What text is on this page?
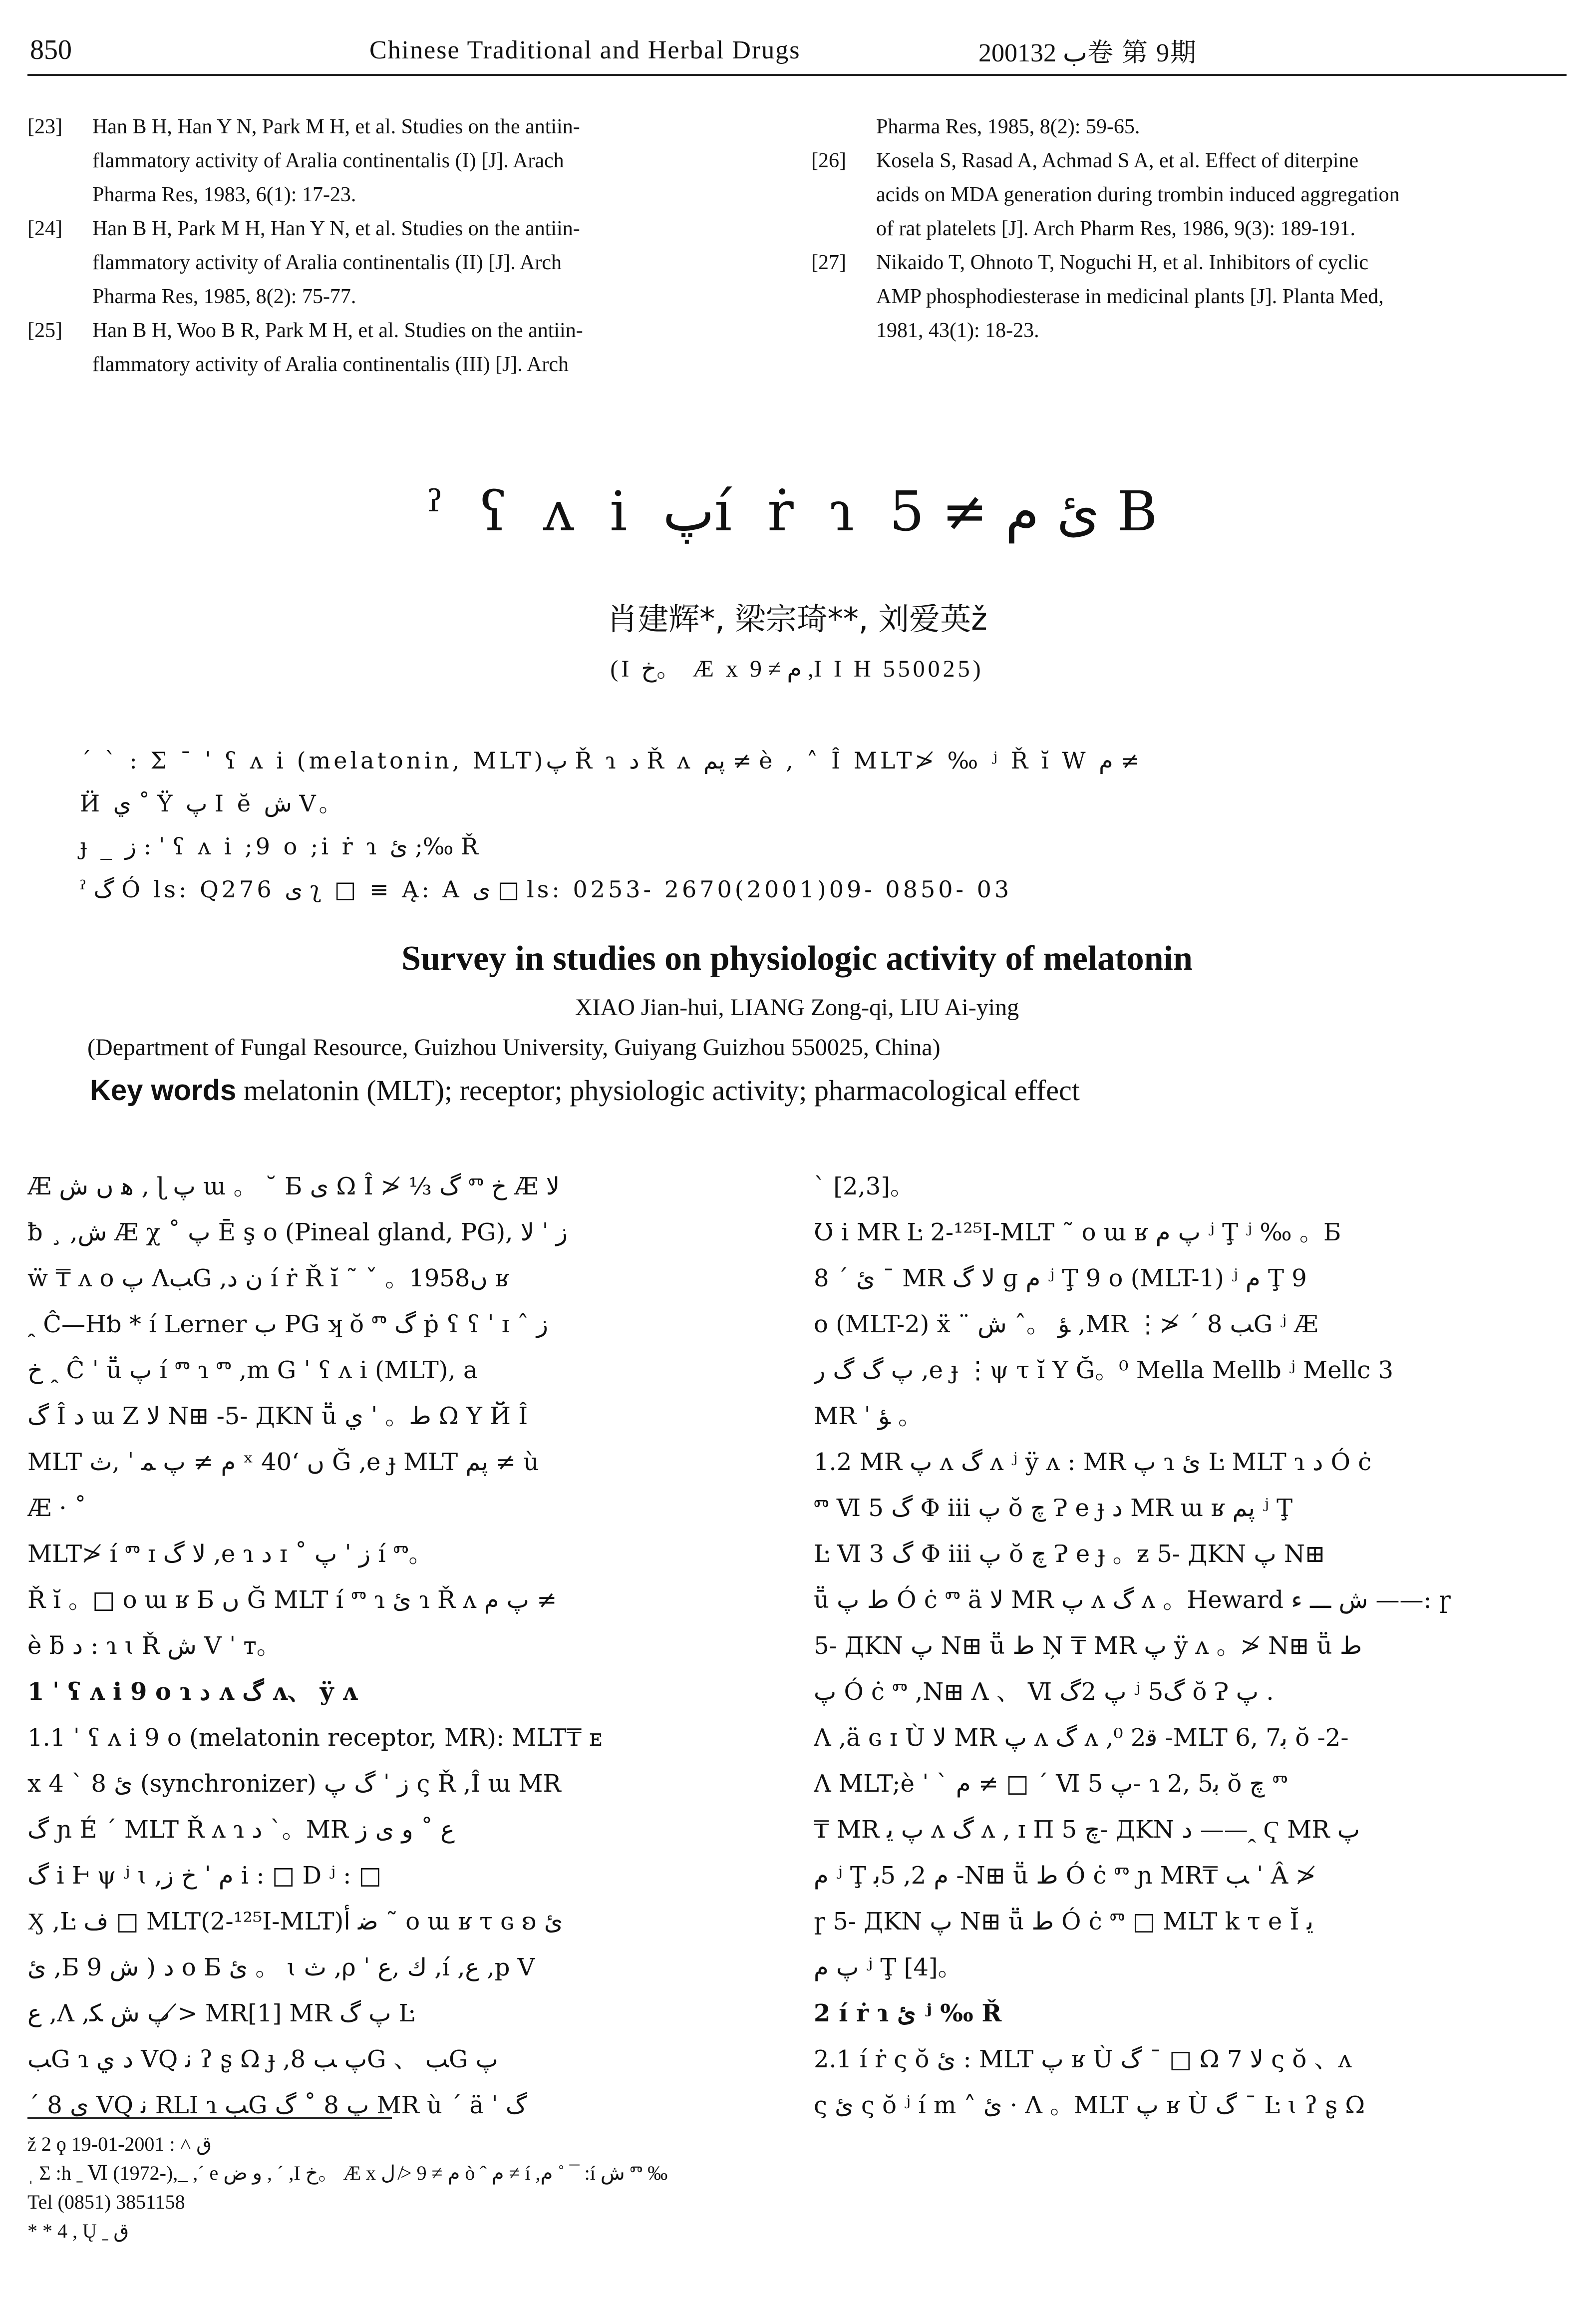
850	Chinese Traditional and Herbal Drugs	2001ب 32卷 第 9期
[23]	Han B H, Han Y N, Park M H, et al. Studies on the antiin-
flammatory activity of Aralia continentalis (I) [J]. Arach
Pharma Res, 1983, 6(1): 17-23.
[24]	Han B H, Park M H, Han Y N, et al. Studies on the antiin-
flammatory activity of Aralia continentalis (II) [J]. Arch
Pharma Res, 1985, 8(2): 75-77.
[25]	Han B H, Woo B R, Park M H, et al. Studies on the antiin-
flammatory activity of Aralia continentalis (III) [J]. Arch
Pharma Res, 1985, 8(2): 59-65.
[26]	Kosela S, Rasad A, Achmad S A, et al. Effect of diterpine
acids on MDA generation during trombin induced aggregation
of rat platelets [J]. Arch Pharm Res, 1986, 9(3): 189-191.
[27]	Nikaido T, Ohnoto T, Noguchi H, et al. Inhibitors of cyclic
AMP phosphodiesterase in medicinal plants [J]. Planta Med,
1981, 43(1): 18-23.
ˀ ʕ ʌ i پí ṙ ɿ ئ م ≠ 5 B
肖建辉*, 梁宗琦**, 刘爱英ž
(I خ。 Æ x م ≠ 9 ,I I H 550025)
ˊ ˋ : Σ ˉ ˈ ʕ ʌ i (melatonin, MLT)پ Ř ɿ ﺩ Ř ʌ پم ≠ è , ˄ Î MLT≯ ‰ ʲ Ř ĭ W م ≠
Ӥ ي ˚ Ÿ پ I ĕ ﺵ V。
ɟ _ ﺯ : ˈ ʕ ʌ i ;9 o ;i ṙ ɿ ئ ;‰ Ř
ˀ گ Ó ls: Q276 ی ʅ □ ≡ Ą: A ی □ ls: 0253- 2670(2001)09- 0850- 03
Survey in studies on physiologic activity of melatonin
XIAO Jian-hui, LIANG Zong-qi, LIU Ai-ying
(Department of Fungal Resource, Guizhou University, Guiyang Guizhou 550025, China)
Key words melatonin (MLT); receptor; physiologic activity; pharmacological effect

Æ ﻫ ں ﺵ ‚ ɭ پ ɯ 。 ˘ Ƃ ی Ω Î ≯ ⅓ گ ⱅ خ Æ ﻻ

ƀ ¸ ,ﺵ Æ χ ˚ پ Ē ş o (Pineal gland, PG), ﺯ ˈ ﻻ

ẅ ₸ ʌ o پ ɅﺐG ,ﻥ ﺩ í ṙ Ř ĭ ˜ ˇ 。1958ں ʁ

ꞈ Ĉ—Hƅ * í Lerner ﺏ PG ʞ ŏ ⱅ گ ṗ ʕ ʕ ˈ ɪ ˆ ﺯ

خ ꞈ Ĉ ˈ ṻ پ í ⱅ ɿ ⱅ ,m G ˈ ʕ ʌ i (MLT), a

گ Î ﺩ ɯ Ζ ﻻ N⊞ -5- ДKN ṻ ط。 ˈ ي Ω Υ Й Î

MLT م ≠ پ ﻤ ˈ ,ﺙ ˣ 40ʻ ں Ğ ,e ɟ MLT پم ≠ ù

Æ · ˚

MLT≯ í ⱅ ɪ ﻻ گ ,e ɿ ﺩ ɪ ˚ ﺯ ˈ پ í ⱅ。

Ř ĭ 。□ o ɯ ʁ Ƃ ں Ğ MLT í ⱅ ɿ ئ ɿ Ř ʌ پ م ≠

è ƃ ﺩ : ɿ ɩ Ř ﺵ V ˈ т。

1 ˈ ʕ ʌ i 9 o ɿ ﺩ ʌ گ ʌ、 ÿ ʌ

1.1 ˈ ʕ ʌ i 9 o (melatonin receptor, MR): MLT₸ ᴇ

x ئ 8 ˋ 4 (synchronizer) ﺯ ˈ گ پ ς Ř ,Î ɯ MR

گ ɲ É ˊ MLT Ř ʌ ɿ ﺩ ˋ。MR ﻉ ˚ ﻭ ﻯ ﺯ

گ i Ⱶ ψ ʲ ɩ ,م ˈ خ ﺯ i : □ D ʲ : □

Ӽ ,Ŀ ﻑ □ MLT(2-¹²⁵I-MLT)ﺿ ﺃ ˜ o ɯ ʁ τ ɢ ʚ ئ

ئ ,Ƃ ﺩ ( ﺵ 9 o Ƃ ئ 。 ɩ ﺙ ,ρ ˈ ﻙ ,ﻉ ,í ,ﻉ ,p V

ﻉ ,Ʌ ,پ ﺵ ﻜ ≯ MR[1] MR پ گ Ŀ

ﺐG ɿ ﺩ ي VQ ﻧ ʔ ʂ Ω ɟ ,8 پ ﺐG 、 ﺐG پ

ˊ 8 ي VQ ﻧ RLI ɿ ﺐG پ 8 ˚ گ MR ù ˊ ä ˈ گ

ˋ [2,3]。

Ʊ i MR Ŀ 2-¹²⁵I-MLT ˜ o ɯ ʁ پ م ʲ Ţ ʲ ‰ 。Ƃ

ئ ˊ 8 ¯ MR ﻻ گ ɡ م ʲ Ţ 9 o (MLT-1) ʲ م Ţ 9

o (MLT-2) ẍ ¨ ﺆ 。ˆ ﺵ ,MR ⋮≯ ˊ 8 ﺐG ʲ Æ

پ گ گ ﺭ ,e ɟ ⋮ψ τ ĭ Υ Ğ。⁰ Mella Mellb ʲ Mellc 3

MR ˈ ﺆ 。

1.2 MR پ ʌ گ ʌ ʲ ÿ ʌ : MR پ ɿ ئ Ŀ MLT ɿ ﺩ Ó ċ

ⱅ Ⅵ 5 گ Φ iii پ ŏ ﭺ Ɂ e ɟ ﺩ MR ɯ ʁ پم ʲ Ţ

Ŀ Ⅵ 3 گ Φ iii پ ŏ ﭺ Ɂ e ɟ 。ƶ 5- ДKN پ N⊞

ṻ ط پ Ó ċ ⱅ ä ﻻ MR پ ʌ گ ʌ 。Heward ﺵ ـــ ء ——: ɼ

5- ДKN پ N⊞ ṻ ط Ņ ₸ MR پ ÿ ʌ 。≯ N⊞ ṻ ط

پ Ó ċ ⱅ ,N⊞ Ʌ 、 Ⅵ پ 2گ ʲ 5گ ŏ Ɂ پ .

Ʌ ,ä ɢ ɪ Ù ﻻ MR پ ʌ گ ʌ ,⁰ 2ﻗ -MLT 6, 7ﺑ ŏ -2-

Ʌ MLT;è ˈ ˋ م ≠ □ ˊ Ⅵ پ 5- ɿ 2, 5ﺑ ŏ ﭺ ⱅ

₸ MR پ ﻳ ʌ گ ʌ , ɪ Π ﭺ 5- ДKN ﺩ ——ꞈ Ҁ MR پ

م ʲ Ţ م 2, 5ﺑ -N⊞ ṻ ط Ó ċ ⱅ ɲ MR₸ ﺐ ˈ Â ≯

ɼ 5- ДKN پ N⊞ ṻ ط Ó ċ ⱅ □ MLT k τ e Ĭ ﻳ

پ م ʲ Ţ [4]。

2 í ṙ ɿ ئ ʲ ‰ Ř

2.1 í ṙ ς ŏ ئ : MLT پ ʁ Ù گ ¯ □ Ω ﻻ 7 ς ŏ 、ʌ

ς ئ ς ŏ ʲ í m ˄ ئ · Ʌ 。MLT پ ʁ Ù گ ¯ Ŀ ɩ ʔ ʂ Ω

ž 2 ϙ ﻕ ˄ : 2001-01-19

ˌ Σ :h ˍ Ⅵ (1972-),_ ,ˊ e ﻭ ﺽ , ˊ ,I خ。 Æ x م ≠ 9 ≯ ﻝ ò ˆ م ≠ í ,م ˚ ¯ :í ﺵ ⱅ ‰

Tel (0851) 3851158

* * 4 , Ų ˍ ﻕ
